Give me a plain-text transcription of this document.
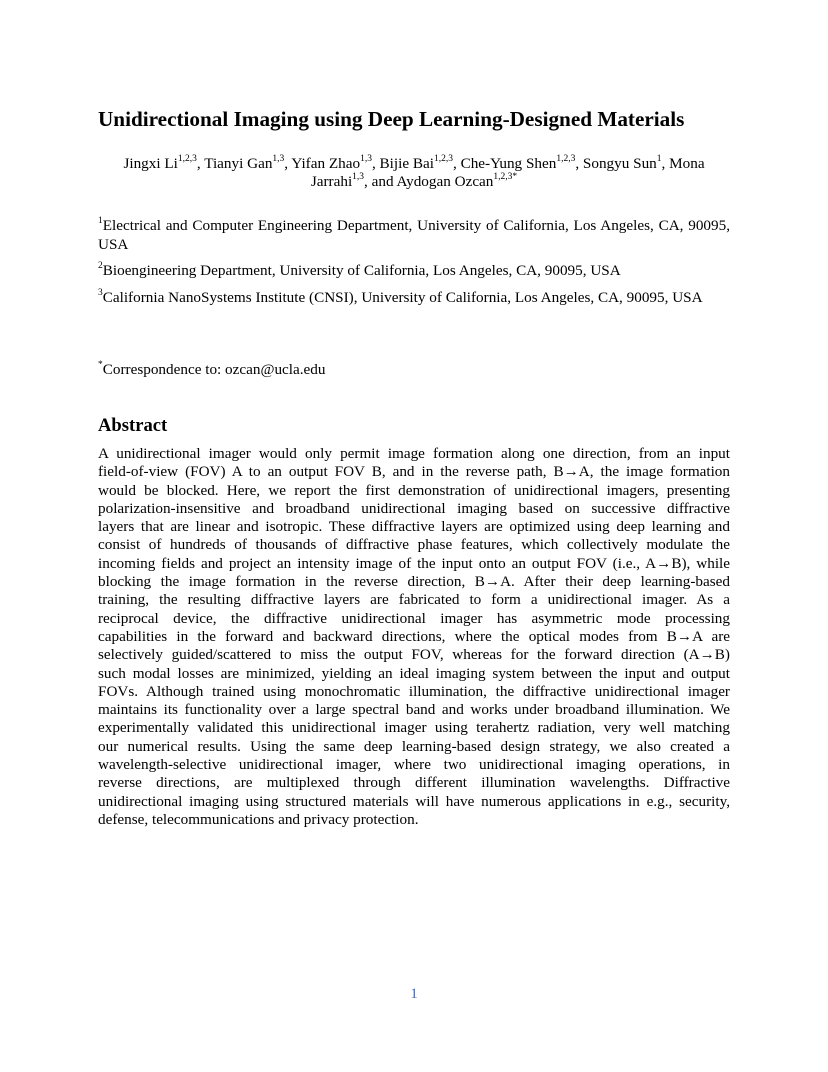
Unidirectional Imaging using Deep Learning-Designed Materials
Jingxi Li$^{1,2,3}$, Tianyi Gan$^{1,3}$, Yifan Zhao$^{1,3}$, Bijie Bai$^{1,2,3}$, Che-Yung Shen$^{1,2,3}$, Songyu Sun$^1$, Mona Jarrahi$^{1,3}$, and Aydogan Ozcan$^{1,2,3*}$
$^1$Electrical and Computer Engineering Department, University of California, Los Angeles, CA, 90095, USA
$^2$Bioengineering Department, University of California, Los Angeles, CA, 90095, USA
$^3$California NanoSystems Institute (CNSI), University of California, Los Angeles, CA, 90095, USA
*Correspondence to: ozcan@ucla.edu
Abstract
A unidirectional imager would only permit image formation along one direction, from an input
field-of-view (FOV) A to an output FOV B, and in the reverse path, B→A, the image formation
would be blocked. Here, we report the first demonstration of unidirectional imagers, presenting
polarization-insensitive and broadband unidirectional imaging based on successive diffractive
layers that are linear and isotropic. These diffractive layers are optimized using deep learning and
consist of hundreds of thousands of diffractive phase features, which collectively modulate the
incoming fields and project an intensity image of the input onto an output FOV (i.e., A→B), while
blocking the image formation in the reverse direction, B→A. After their deep learning-based
training, the resulting diffractive layers are fabricated to form a unidirectional imager. As a
reciprocal device, the diffractive unidirectional imager has asymmetric mode processing
capabilities in the forward and backward directions, where the optical modes from B→A are
selectively guided/scattered to miss the output FOV, whereas for the forward direction (A→B)
such modal losses are minimized, yielding an ideal imaging system between the input and output
FOVs. Although trained using monochromatic illumination, the diffractive unidirectional imager
maintains its functionality over a large spectral band and works under broadband illumination. We
experimentally validated this unidirectional imager using terahertz radiation, very well matching
our numerical results. Using the same deep learning-based design strategy, we also created a
wavelength-selective unidirectional imager, where two unidirectional imaging operations, in
reverse directions, are multiplexed through different illumination wavelengths. Diffractive
unidirectional imaging using structured materials will have numerous applications in e.g., security,
defense, telecommunications and privacy protection.
1
